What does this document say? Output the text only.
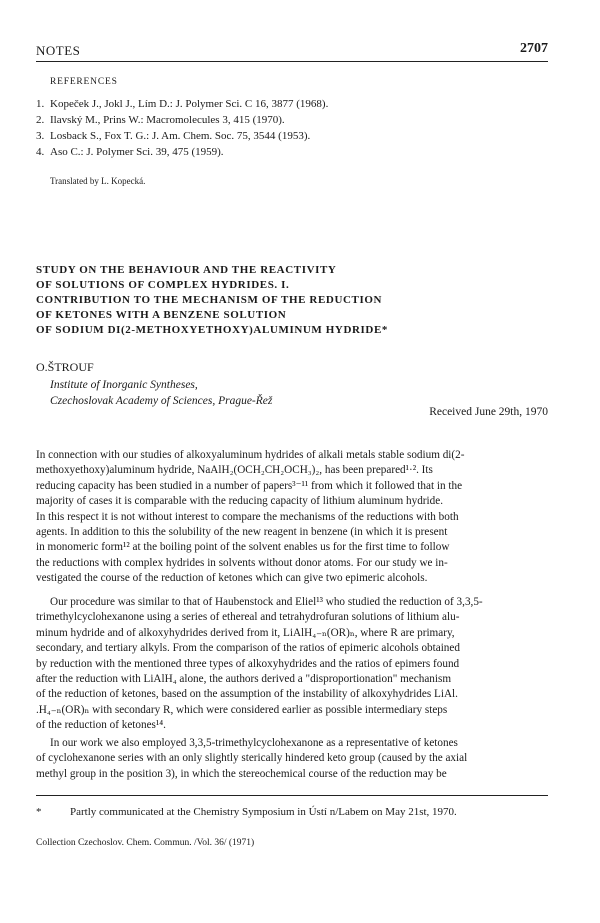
NOTES	2707
REFERENCES
1. Kopeček J., Jokl J., Lím D.: J. Polymer Sci. C 16, 3877 (1968).
2. Ilavský M., Prins W.: Macromolecules 3, 415 (1970).
3. Losback S., Fox T. G.: J. Am. Chem. Soc. 75, 3544 (1953).
4. Aso C.: J. Polymer Sci. 39, 475 (1959).
Translated by L. Kopecká.
STUDY ON THE BEHAVIOUR AND THE REACTIVITY
OF SOLUTIONS OF COMPLEX HYDRIDES. I.
CONTRIBUTION TO THE MECHANISM OF THE REDUCTION
OF KETONES WITH A BENZENE SOLUTION
OF SODIUM DI(2-METHOXYETHOXY)ALUMINUM HYDRIDE*
O.ŠTROUF
Institute of Inorganic Syntheses,
Czechoslovak Academy of Sciences, Prague-Řež
Received June 29th, 1970
In connection with our studies of alkoxyaluminum hydrides of alkali metals stable sodium di(2-
methoxyethoxy)aluminum hydride, NaAlH₂(OCH₂CH₂OCH₃)₂, has been prepared¹·². Its
reducing capacity has been studied in a number of papers³⁻¹¹ from which it followed that in the
majority of cases it is comparable with the reducing capacity of lithium aluminum hydride.
In this respect it is not without interest to compare the mechanisms of the reductions with both
agents. In addition to this the solubility of the new reagent in benzene (in which it is present
in monomeric form¹² at the boiling point of the solvent enables us for the first time to follow
the reductions with complex hydrides in solvents without donor atoms. For our study we in-
vestigated the course of the reduction of ketones which can give two epimeric alcohols.
Our procedure was similar to that of Haubenstock and Eliel¹³ who studied the reduction of 3,3,5-
trimethylcyclohexanone using a series of ethereal and tetrahydrofuran solutions of lithium alu-
minum hydride and of alkoxyhydrides derived from it, LiAlH₄₋ₙ(OR)ₙ, where R are primary,
secondary, and tertiary alkyls. From the comparison of the ratios of epimeric alcohols obtained
by reduction with the mentioned three types of alkoxyhydrides and the ratios of epimers found
after the reduction with LiAlH₄ alone, the authors derived a "disproportionation" mechanism
of the reduction of ketones, based on the assumption of the instability of alkoxyhydrides LiAl.
.H₄₋ₙ(OR)ₙ with secondary R, which were considered earlier as possible intermediary steps
of the reduction of ketones¹⁴.
In our work we also employed 3,3,5-trimethylcyclohexanone as a representative of ketones
of cyclohexanone series with an only slightly sterically hindered keto group (caused by the axial
methyl group in the position 3), in which the stereochemical course of the reduction may be
*	Partly communicated at the Chemistry Symposium in Ústí n/Labem on May 21st, 1970.
Collection Czechoslov. Chem. Commun. /Vol. 36/ (1971)
